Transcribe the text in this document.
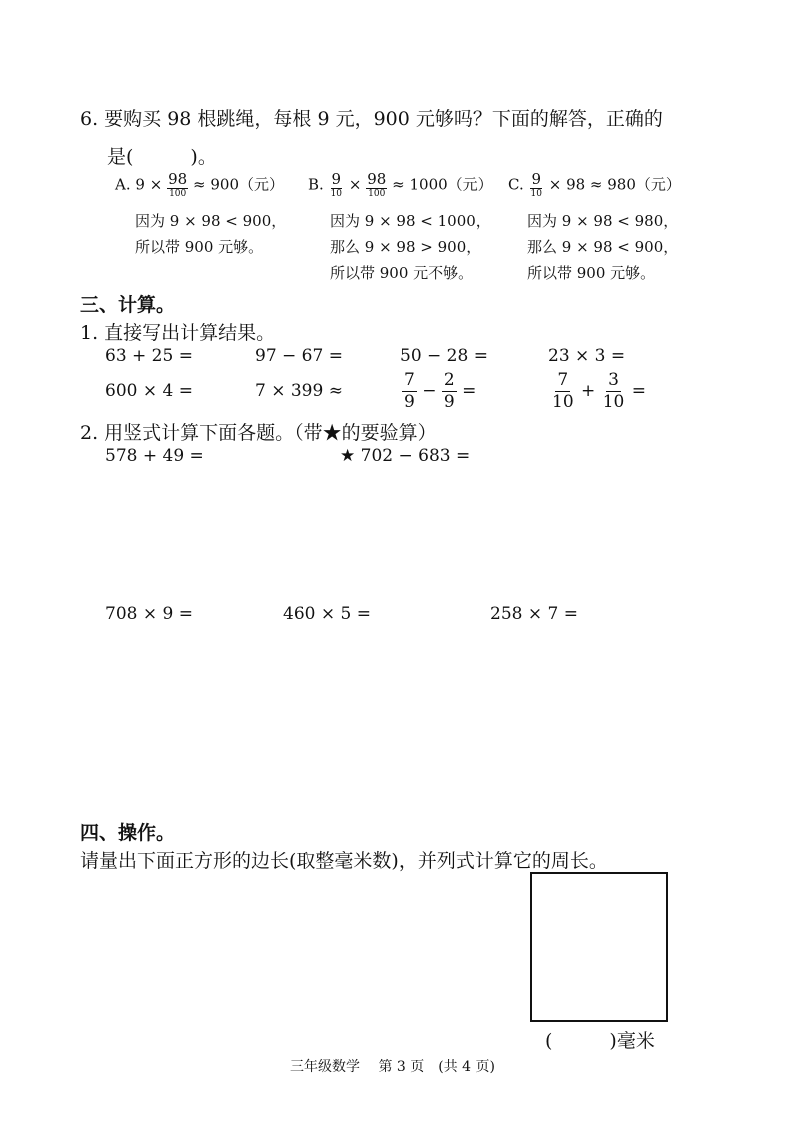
6. 要购买 98 根跳绳，每根 9 元，900 元够吗？下面的解答，正确的
是(　　　)。
A. $9 \times \frac{98}{100} \approx 900$（元）
因为 9 × 98 < 900，
所以带 900 元够。
B. $\frac{9}{10} \times \frac{98}{100} \approx 1000$（元）
因为 9 × 98 < 1000，
那么 9 × 98 > 900，
所以带 900 元不够。
C. $\frac{9}{10} \times 98 \approx 980$（元）
因为 9 × 98 < 980，
那么 9 × 98 < 900，
所以带 900 元够。
三、计算。
1. 直接写出计算结果。
63 + 25 =	97 − 67 =	50 − 28 =	23 × 3 =
600 × 4 =	7 × 399 ≈	$\frac{7}{9} - \frac{2}{9}$ =	$\frac{7}{10} + \frac{3}{10}$ =
2. 用竖式计算下面各题。（带★的要验算）
578 + 49 =	★ 702 − 683 =
708 × 9 =	460 × 5 =	258 × 7 =
四、操作。
请量出下面正方形的边长(取整毫米数)，并列式计算它的周长。
(　　　)毫米
三年级数学　 第 3 页　(共 4 页)
